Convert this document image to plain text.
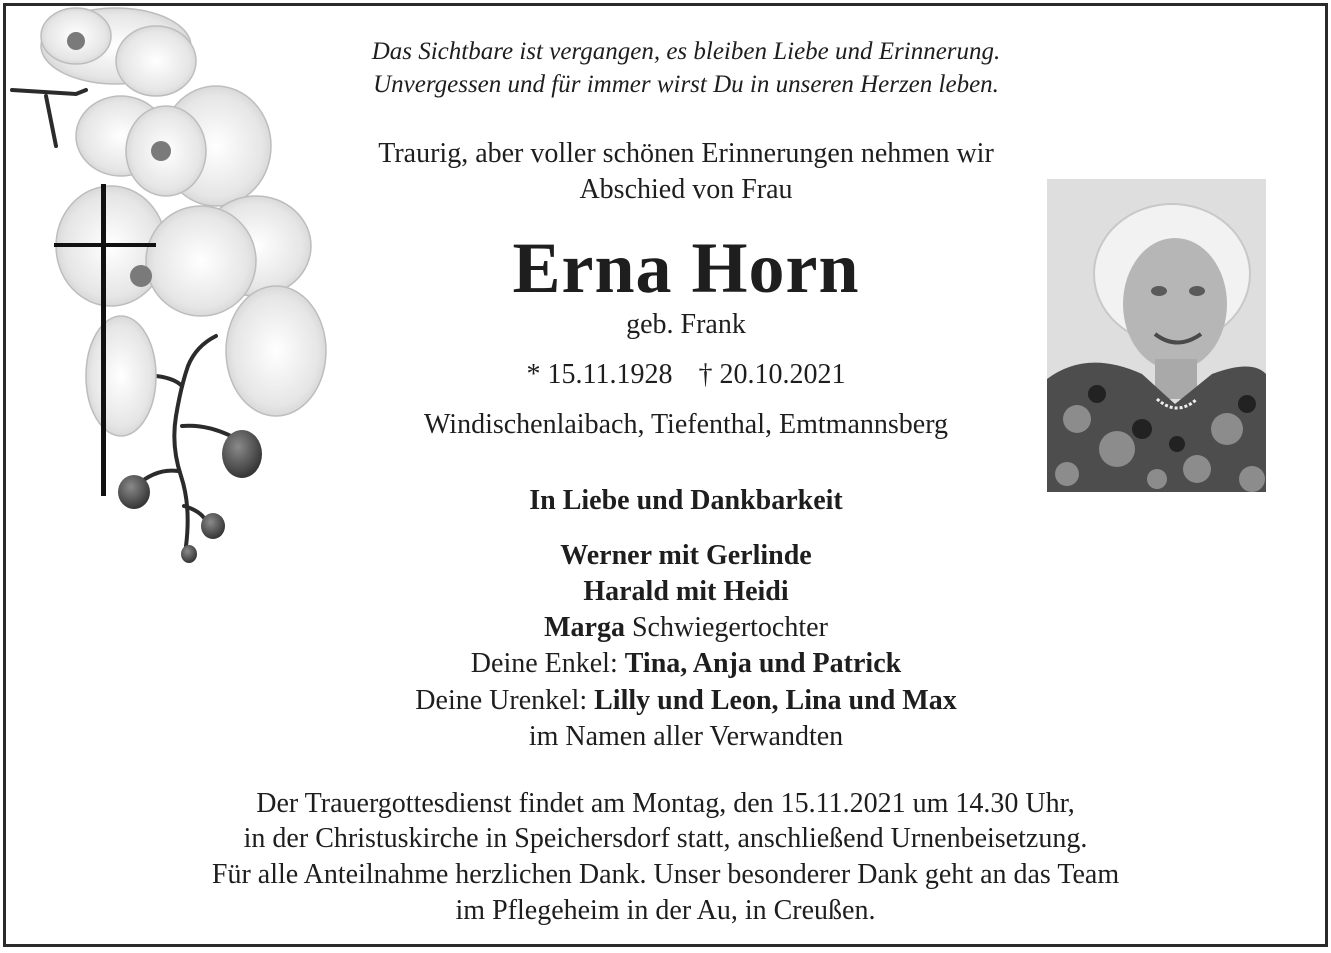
Das Sichtbare ist vergangen, es bleiben Liebe und Erinnerung.
Unvergessen und für immer wirst Du in unseren Herzen leben.
Traurig, aber voller schönen Erinnerungen nehmen wir
Abschied von Frau
Erna Horn
geb. Frank
* 15.11.1928 † 20.10.2021
Windischenlaibach, Tiefenthal, Emtmannsberg
In Liebe und Dankbarkeit
Werner mit Gerlinde
Harald mit Heidi
Marga Schwiegertochter
Deine Enkel: Tina, Anja und Patrick
Deine Urenkel: Lilly und Leon, Lina und Max
im Namen aller Verwandten
Der Trauergottesdienst findet am Montag, den 15.11.2021 um 14.30 Uhr,
in der Christuskirche in Speichersdorf statt, anschließend Urnenbeisetzung.
Für alle Anteilnahme herzlichen Dank. Unser besonderer Dank geht an das Team
im Pflegeheim in der Au, in Creußen.
